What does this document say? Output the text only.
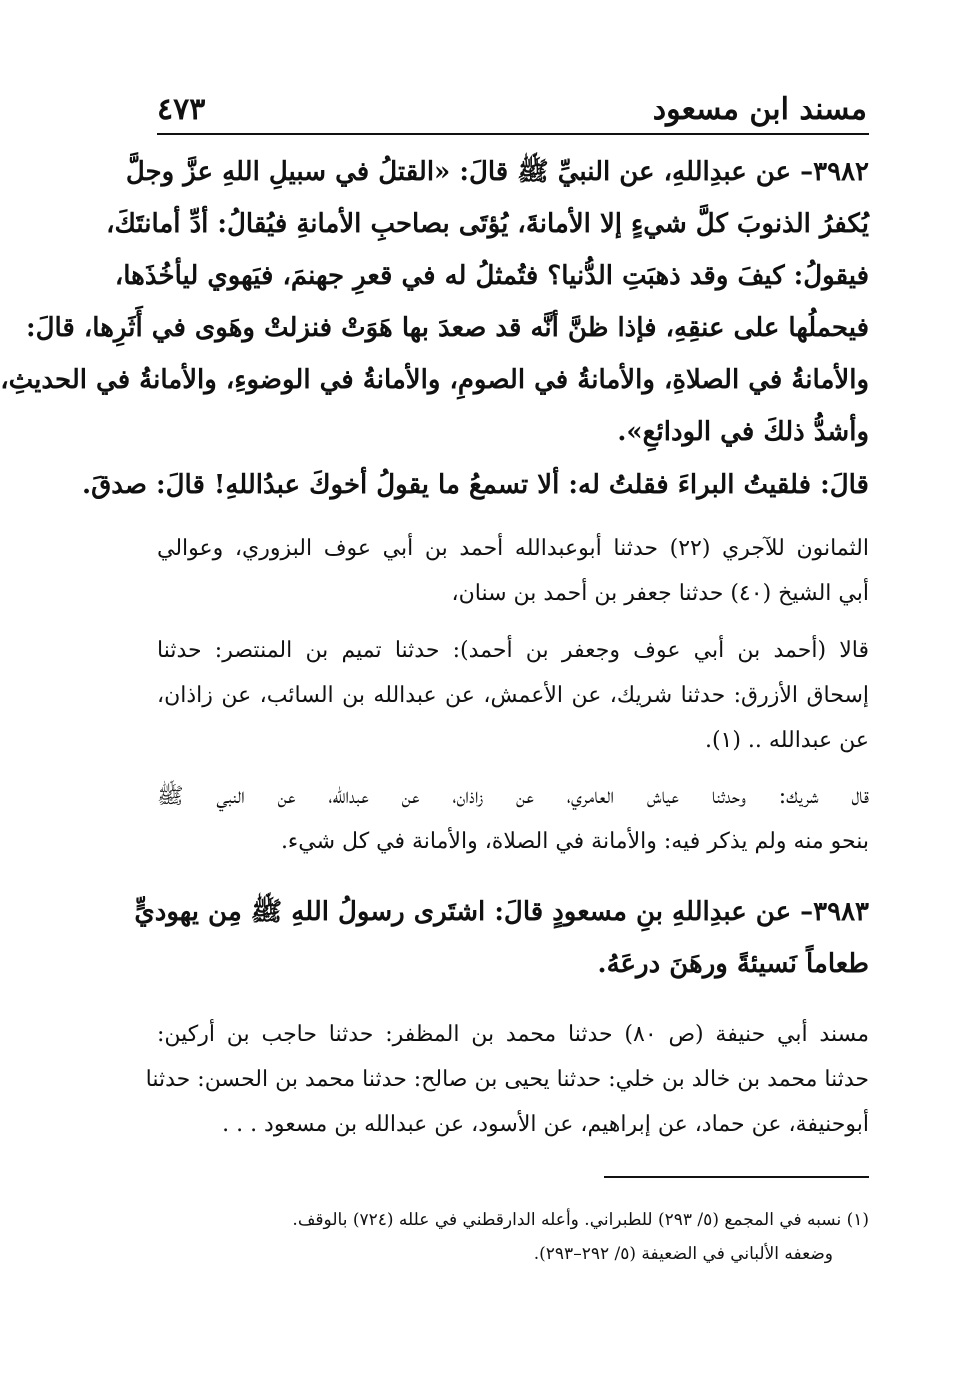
مسند ابن مسعود
٤٧٣
٣٩٨٢– عن عبدِاللهِ، عن النبيِّ ﷺ قالَ: «القتلُ في سبيلِ اللهِ عزَّ وجلَّ
يُكفرُ الذنوبَ كلَّ شيءٍ إلا الأمانةَ، يُؤتَى بصاحبِ الأمانةِ فيُقالُ: أدِّ أمانتَكَ،
فيقولُ: كيفَ وقد ذهبَتِ الدُّنيا؟ فتُمثلُ له في قعرِ جهنمَ، فيَهوي ليأخُذَها،
فيحملُها على عنقِهِ، فإذا ظنَّ أنَّه قد صعدَ بها هَوَتْ فنزلتْ وهَوى في أَثَرِها، قالَ:
والأمانةُ في الصلاةِ، والأمانةُ في الصومِ، والأمانةُ في الوضوءِ، والأمانةُ في الحديثِ،
وأشدُّ ذلكَ في الودائعِ».
قالَ: فلقيتُ البراءَ فقلتُ له: ألا تسمعُ ما يقولُ أخوكَ عبدُاللهِ! قالَ: صدقَ.
الثمانون للآجري (٢٢) حدثنا أبوعبدالله أحمد بن أبي عوف البزوري، وعوالي
أبي الشيخ (٤٠) حدثنا جعفر بن أحمد بن سنان،
قالا (أحمد بن أبي عوف وجعفر بن أحمد): حدثنا تميم بن المنتصر: حدثنا
إسحاق الأزرق: حدثنا شريك، عن الأعمش، عن عبدالله بن السائب، عن زاذان،
عن عبدالله .. (١).
قال شريك: وحدثنا عياش العامري، عن زاذان، عن عبدالله، عن النبي ﷺ
بنحو منه ولم يذكر فيه: والأمانة في الصلاة، والأمانة في كل شيء.
٣٩٨٣– عن عبدِاللهِ بنِ مسعودٍ قالَ: اشتَرى رسولُ اللهِ ﷺ مِن يهوديٍّ
طعاماً نَسيئةً ورهَنَ درعَهُ.
مسند أبي حنيفة (ص ٨٠) حدثنا محمد بن المظفر: حدثنا حاجب بن أركين:
حدثنا محمد بن خالد بن خلي: حدثنا يحيى بن صالح: حدثنا محمد بن الحسن: حدثنا
أبوحنيفة، عن حماد، عن إبراهيم، عن الأسود، عن عبدالله بن مسعود . . .
(١) نسبه في المجمع (٥/ ٢٩٣) للطبراني. وأعله الدارقطني في علله (٧٢٤) بالوقف.
وضعفه الألباني في الضعيفة (٥/ ٢٩٢–٢٩٣).
